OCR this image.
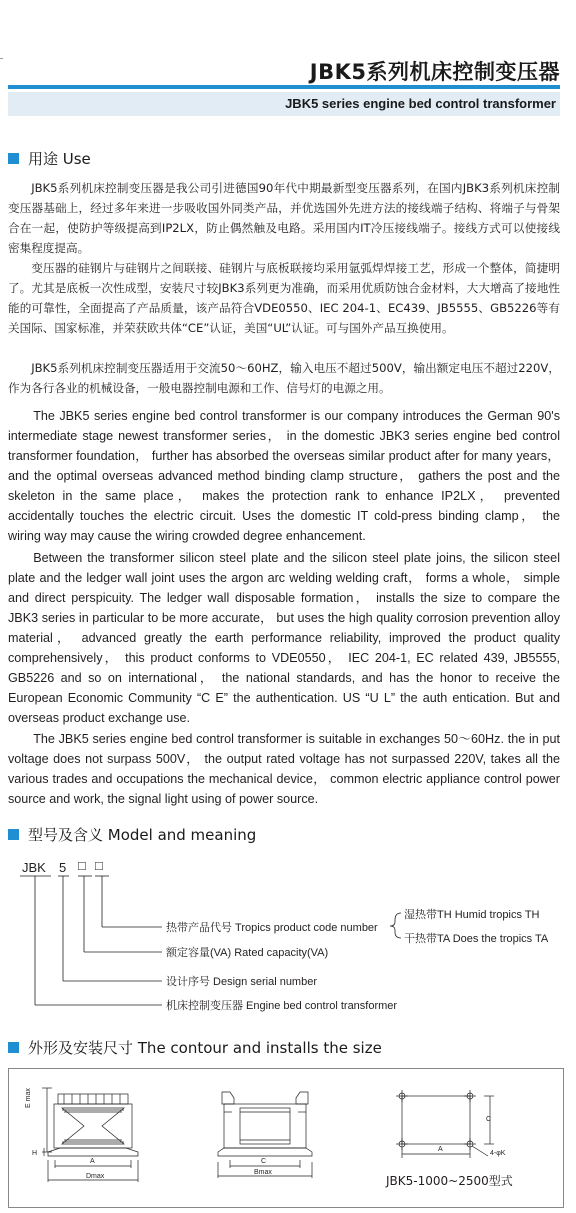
JBK5系列机床控制变压器
JBK5 series engine bed control transformer
用途 Use
JBK5系列机床控制变压器是我公司引进德国90年代中期最新型变压器系列，在国内JBK3系列机床控制变压器基础上，经过多年来进一步吸收国外同类产品，并优选国外先进方法的接线端子结构、将端子与骨架合在一起，使防护等级提高到IP2LX，防止偶然触及电路。采用国内IT冷压接线端子。接线方式可以使接线密集程度提高。
变压器的硅钢片与硅钢片之间联接、硅钢片与底板联接均采用氩弧焊焊接工艺，形成一个整体，简捷明了。尤其是底板一次性成型，安装尺寸较JBK3系列更为准确，而采用优质防蚀合金材料，大大增高了接地性能的可靠性，全面提高了产品质量，该产品符合VDE0550、IEC 204-1、EC439、JB5555、GB5226等有关国际、国家标准，并荣获欧共体“CE”认证，美国“UL”认证。可与国外产品互换使用。
JBK5系列机床控制变压器适用于交流50～60HZ，输入电压不超过500V，输出额定电压不超过220V，作为各行各业的机械设备，一般电器控制电源和工作、信号灯的电源之用。
The JBK5 series engine bed control transformer is our company introduces the German 90's intermediate stage newest transformer series， in the domestic JBK3 series engine bed control transformer foundation， further has absorbed the overseas similar product after for many years， and the optimal overseas advanced method binding clamp structure， gathers the post and the skeleton in the same place， makes the protection rank to enhance IP2LX， prevented accidentally touches the electric circuit. Uses the domestic IT cold-press binding clamp， the wiring way may cause the wiring crowded degree enhancement.
Between the transformer silicon steel plate and the silicon steel plate joins, the silicon steel plate and the ledger wall joint uses the argon arc welding welding craft， forms a whole， simple and direct perspicuity. The ledger wall disposable formation， installs the size to compare the JBK3 series in particular to be more accurate， but uses the high quality corrosion prevention alloy material， advanced greatly the earth performance reliability, improved the product quality comprehensively， this product conforms to VDE0550， IEC 204-1, EC related 439, JB5555, GB5226 and so on international， the national standards, and has the honor to receive the European Economic Community “C E” the authentication. US “U L” the auth entication. But and overseas product exchange use.
The JBK5 series engine bed control transformer is suitable in exchanges 50～60Hz. the in put voltage does not surpass 500V， the output rated voltage has not surpassed 220V, takes all the various trades and occupations the mechanical device， common electric appliance control power source and work, the signal light using of power source.
型号及含义 Model and meaning
JBK 5 □ □
热带产品代号 Tropics product code number
湿热带TH Humid tropics TH
干热带TA Does the tropics TA
额定容量(VA) Rated capacity(VA)
设计序号 Design serial number
机床控制变压器 Engine bed control transformer
外形及安装尺寸 The contour and installs the size
E max
H
A
Dmax
C
Bmax
C
A
4-φK
JBK5-1000~2500型式
